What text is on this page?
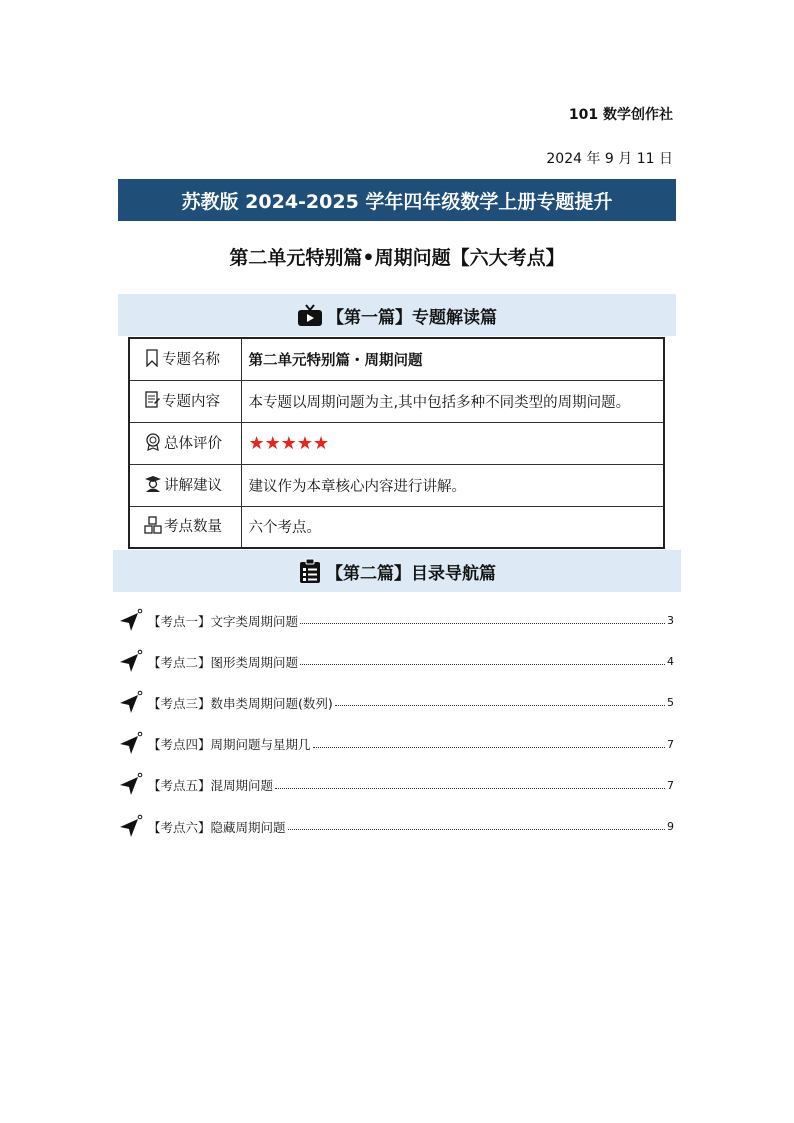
101 数学创作社
2024 年 9 月 11 日
苏教版 2024-2025 学年四年级数学上册专题提升
第二单元特别篇•周期问题【六大考点】
【第一篇】专题解读篇
专题名称	第二单元特别篇・周期问题
专题内容	本专题以周期问题为主,其中包括多种不同类型的周期问题。
总体评价	★★★★★
讲解建议	建议作为本章核心内容进行讲解。
考点数量	六个考点。
【第二篇】目录导航篇
【考点一】文字类周期问题	3
【考点二】图形类周期问题	4
【考点三】数串类周期问题(数列)	5
【考点四】周期问题与星期几	7
【考点五】混周期问题	7
【考点六】隐藏周期问题	9
